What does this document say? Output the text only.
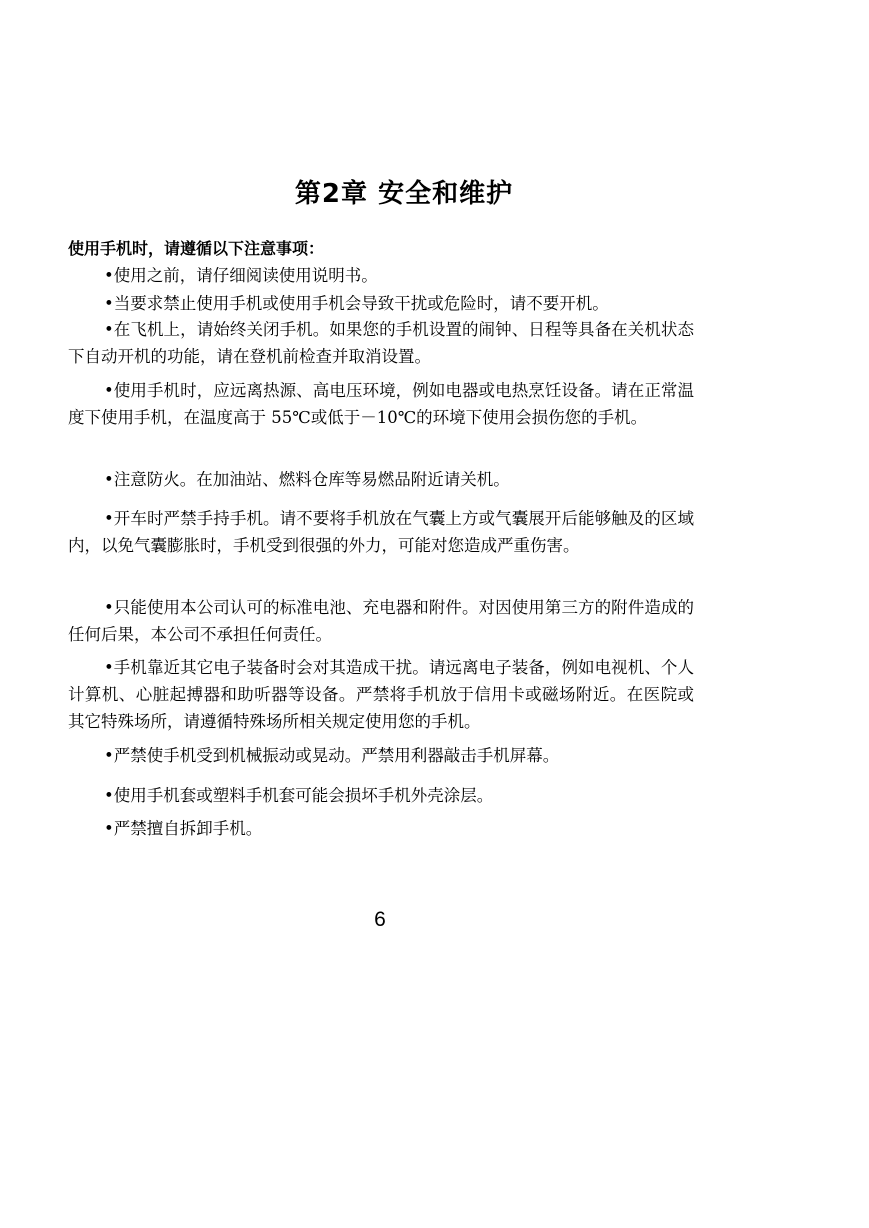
第2章 安全和维护
使用手机时，请遵循以下注意事项：

•使用之前，请仔细阅读使用说明书。

•当要求禁止使用手机或使用手机会导致干扰或危险时，请不要开机。

•在飞机上，请始终关闭手机。如果您的手机设置的闹钟、日程等具备在关机状态下自动开机的功能，请在登机前检查并取消设置。

•使用手机时，应远离热源、高电压环境，例如电器或电热烹饪设备。请在正常温度下使用手机，在温度高于 55℃或低于－10℃的环境下使用会损伤您的手机。

•注意防火。在加油站、燃料仓库等易燃品附近请关机。

•开车时严禁手持手机。请不要将手机放在气囊上方或气囊展开后能够触及的区域内，以免气囊膨胀时，手机受到很强的外力，可能对您造成严重伤害。

•只能使用本公司认可的标准电池、充电器和附件。对因使用第三方的附件造成的任何后果，本公司不承担任何责任。

•手机靠近其它电子装备时会对其造成干扰。请远离电子装备，例如电视机、个人计算机、心脏起搏器和助听器等设备。严禁将手机放于信用卡或磁场附近。在医院或其它特殊场所，请遵循特殊场所相关规定使用您的手机。

•严禁使手机受到机械振动或晃动。严禁用利器敲击手机屏幕。

•使用手机套或塑料手机套可能会损坏手机外壳涂层。

•严禁擅自拆卸手机。

6
